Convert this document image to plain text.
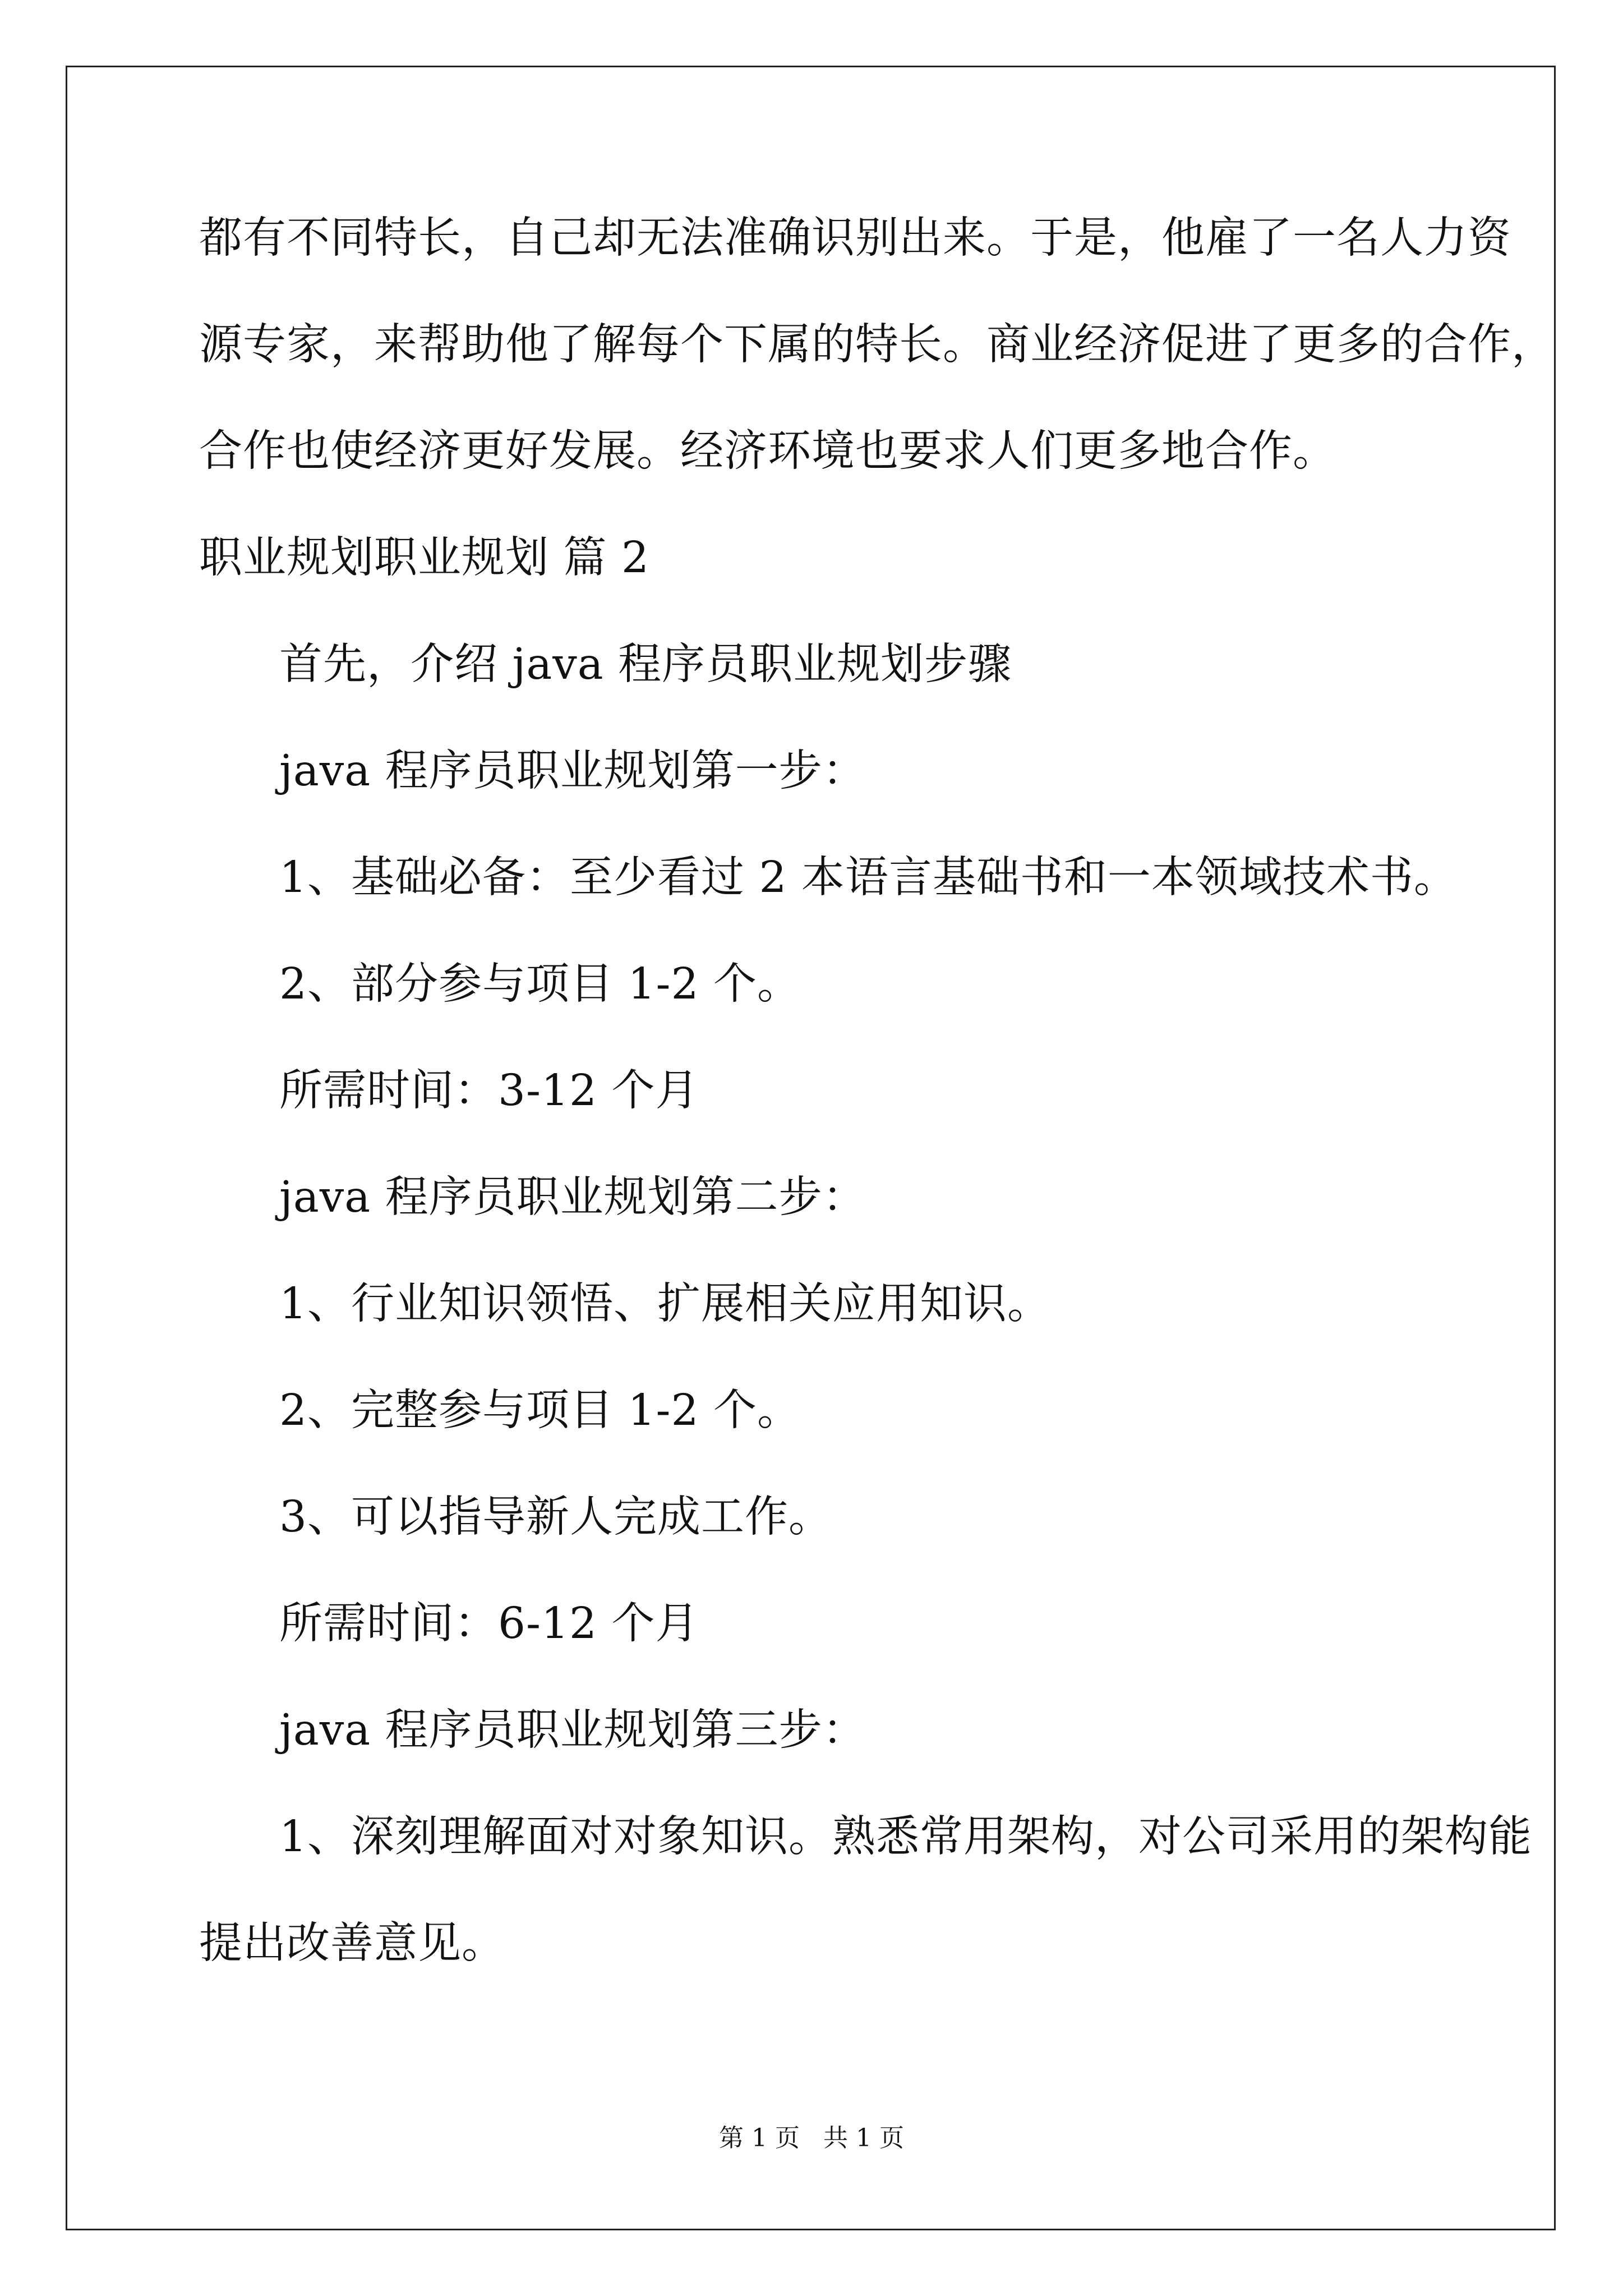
都有不同特长，自己却无法准确识别出来。于是，他雇了一名人力资
源专家，来帮助他了解每个下属的特长。商业经济促进了更多的合作，
合作也使经济更好发展。经济环境也要求人们更多地合作。
职业规划职业规划 篇 2
首先，介绍 java 程序员职业规划步骤
java 程序员职业规划第一步：
1、基础必备：至少看过 2 本语言基础书和一本领域技术书。
2、部分参与项目 1-2 个。
所需时间：3-12 个月
java 程序员职业规划第二步：
1、行业知识领悟、扩展相关应用知识。
2、完整参与项目 1-2 个。
3、可以指导新人完成工作。
所需时间：6-12 个月
java 程序员职业规划第三步：
1、深刻理解面对对象知识。熟悉常用架构，对公司采用的架构能
提出改善意见。
第 1 页   共 1 页
